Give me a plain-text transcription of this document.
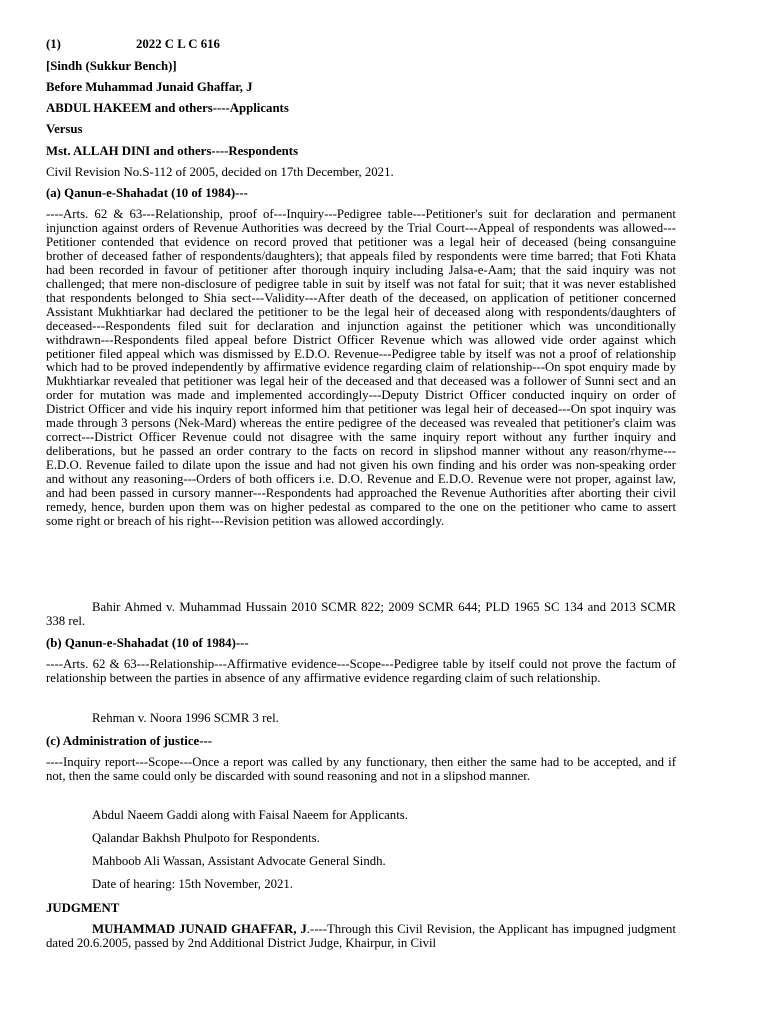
(1)	2022 C L C 616
[Sindh (Sukkur Bench)]
Before Muhammad Junaid Ghaffar, J
ABDUL HAKEEM and others----Applicants
Versus
Mst. ALLAH DINI and others----Respondents
Civil Revision No.S-112 of 2005, decided on 17th December, 2021.
(a) Qanun-e-Shahadat (10 of 1984)---
----Arts. 62 & 63---Relationship, proof of---Inquiry---Pedigree table---Petitioner's suit for declaration and permanent injunction against orders of Revenue Authorities was decreed by the Trial Court---Appeal of respondents was allowed---Petitioner contended that evidence on record proved that petitioner was a legal heir of deceased (being consanguine brother of deceased father of respondents/daughters); that appeals filed by respondents were time barred; that Foti Khata had been recorded in favour of petitioner after thorough inquiry including Jalsa-e-Aam; that the said inquiry was not challenged; that mere non-disclosure of pedigree table in suit by itself was not fatal for suit; that it was never established that respondents belonged to Shia sect---Validity---After death of the deceased, on application of petitioner concerned Assistant Mukhtiarkar had declared the petitioner to be the legal heir of deceased along with respondents/daughters of deceased---Respondents filed suit for declaration and injunction against the petitioner which was unconditionally withdrawn---Respondents filed appeal before District Officer Revenue which was allowed vide order against which petitioner filed appeal which was dismissed by E.D.O. Revenue---Pedigree table by itself was not a proof of relationship which had to be proved independently by affirmative evidence regarding claim of relationship---On spot enquiry made by Mukhtiarkar revealed that petitioner was legal heir of the deceased and that deceased was a follower of Sunni sect and an order for mutation was made and implemented accordingly---Deputy District Officer conducted inquiry on order of District Officer and vide his inquiry report informed him that petitioner was legal heir of deceased---On spot inquiry was made through 3 persons (Nek-Mard) whereas the entire pedigree of the deceased was revealed that petitioner's claim was correct---District Officer Revenue could not disagree with the same inquiry report without any further inquiry and deliberations, but he passed an order contrary to the facts on record in slipshod manner without any reason/rhyme---E.D.O. Revenue failed to dilate upon the issue and had not given his own finding and his order was non-speaking order and without any reasoning---Orders of both officers i.e. D.O. Revenue and E.D.O. Revenue were not proper, against law, and had been passed in cursory manner---Respondents had approached the Revenue Authorities after aborting their civil remedy, hence, burden upon them was on higher pedestal as compared to the one on the petitioner who came to assert some right or breach of his right---Revision petition was allowed accordingly.
Bahir Ahmed v. Muhammad Hussain 2010 SCMR 822; 2009 SCMR 644; PLD 1965 SC 134 and 2013 SCMR 338 rel.
(b) Qanun-e-Shahadat (10 of 1984)---
----Arts. 62 & 63---Relationship---Affirmative evidence---Scope---Pedigree table by itself could not prove the factum of relationship between the parties in absence of any affirmative evidence regarding claim of such relationship.
Rehman v. Noora 1996 SCMR 3 rel.
(c) Administration of justice---
----Inquiry report---Scope---Once a report was called by any functionary, then either the same had to be accepted, and if not, then the same could only be discarded with sound reasoning and not in a slipshod manner.
Abdul Naeem Gaddi along with Faisal Naeem for Applicants.
Qalandar Bakhsh Phulpoto for Respondents.
Mahboob Ali Wassan, Assistant Advocate General Sindh.
Date of hearing: 15th November, 2021.
JUDGMENT
MUHAMMAD JUNAID GHAFFAR, J.----Through this Civil Revision, the Applicant has impugned judgment dated 20.6.2005, passed by 2nd Additional District Judge, Khairpur, in Civil
